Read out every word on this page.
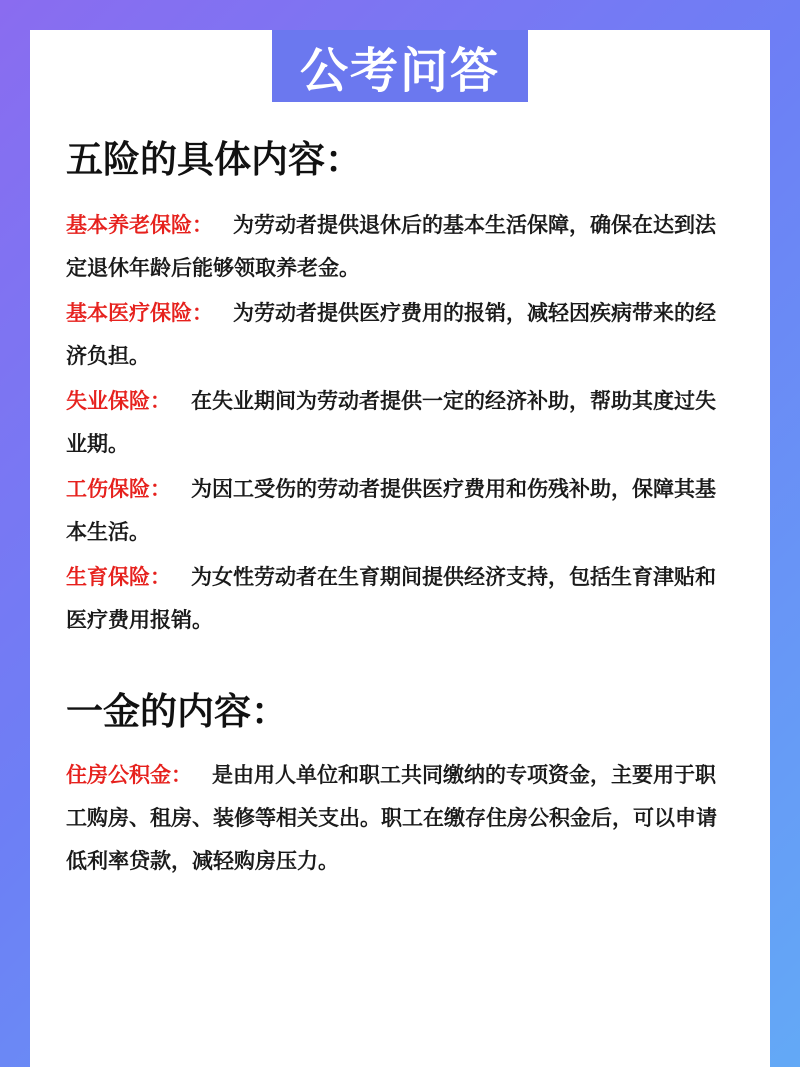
公考问答
五险的具体内容：

基本养老保险： 为劳动者提供退休后的基本生活保障，确保在达到法定退休年龄后能够领取养老金。

基本医疗保险： 为劳动者提供医疗费用的报销，减轻因疾病带来的经济负担。

失业保险： 在失业期间为劳动者提供一定的经济补助，帮助其度过失业期。

工伤保险： 为因工受伤的劳动者提供医疗费用和伤残补助，保障其基本生活。

生育保险： 为女性劳动者在生育期间提供经济支持，包括生育津贴和医疗费用报销。

一金的内容：

住房公积金： 是由用人单位和职工共同缴纳的专项资金，主要用于职工购房、租房、装修等相关支出。职工在缴存住房公积金后，可以申请低利率贷款，减轻购房压力。
